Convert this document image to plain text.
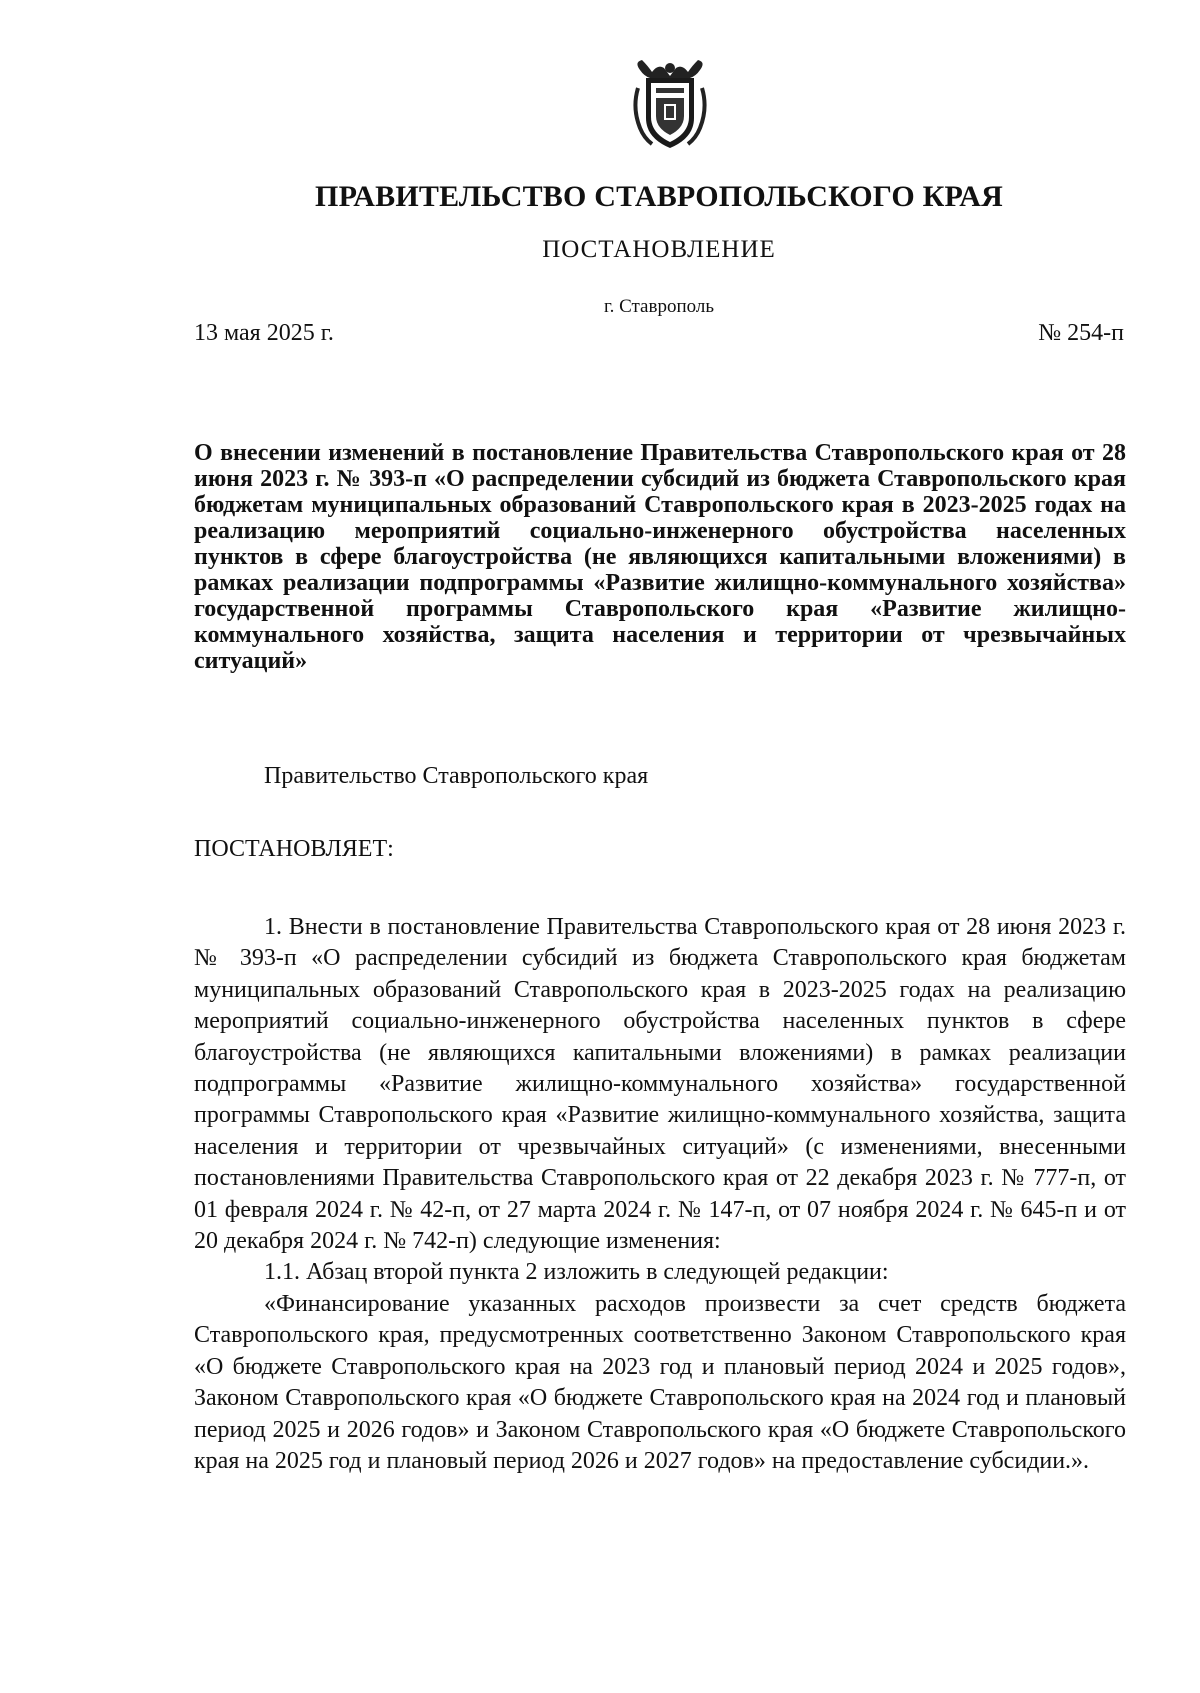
ПРАВИТЕЛЬСТВО СТАВРОПОЛЬСКОГО КРАЯ
ПОСТАНОВЛЕНИЕ
г. Ставрополь
13 мая 2025 г.	№ 254-п
О внесении изменений в постановление Правительства Ставропольского края от 28 июня 2023 г. № 393-п «О распределении субсидий из бюджета Ставропольского края бюджетам муниципальных образований Ставропольского края в 2023-2025 годах на реализацию мероприятий социально-инженерного обустройства населенных пунктов в сфере благоустройства (не являющихся капитальными вложениями) в рамках реализации подпрограммы «Развитие жилищно-коммунального хозяйства» государственной программы Ставропольского края «Развитие жилищно-коммунального хозяйства, защита населения и территории от чрезвычайных ситуаций»
Правительство Ставропольского края
ПОСТАНОВЛЯЕТ:

1. Внести в постановление Правительства Ставропольского края от 28 июня 2023 г. № 393-п «О распределении субсидий из бюджета Ставропольского края бюджетам муниципальных образований Ставропольского края в 2023-2025 годах на реализацию мероприятий социально-инженерного обустройства населенных пунктов в сфере благоустройства (не являющихся капитальными вложениями) в рамках реализации подпрограммы «Развитие жилищно-коммунального хозяйства» государственной программы Ставропольского края «Развитие жилищно-коммунального хозяйства, защита населения и территории от чрезвычайных ситуаций» (с изменениями, внесенными постановлениями Правительства Ставропольского края от 22 декабря 2023 г. № 777-п, от 01 февраля 2024 г. № 42-п, от 27 марта 2024 г. № 147-п, от 07 ноября 2024 г. № 645-п и от 20 декабря 2024 г. № 742-п) следующие изменения:

1.1. Абзац второй пункта 2 изложить в следующей редакции:

«Финансирование указанных расходов произвести за счет средств бюджета Ставропольского края, предусмотренных соответственно Законом Ставропольского края «О бюджете Ставропольского края на 2023 год и плановый период 2024 и 2025 годов», Законом Ставропольского края «О бюджете Ставропольского края на 2024 год и плановый период 2025 и 2026 годов» и Законом Ставропольского края «О бюджете Ставропольского края на 2025 год и плановый период 2026 и 2027 годов» на предоставление субсидии.».
